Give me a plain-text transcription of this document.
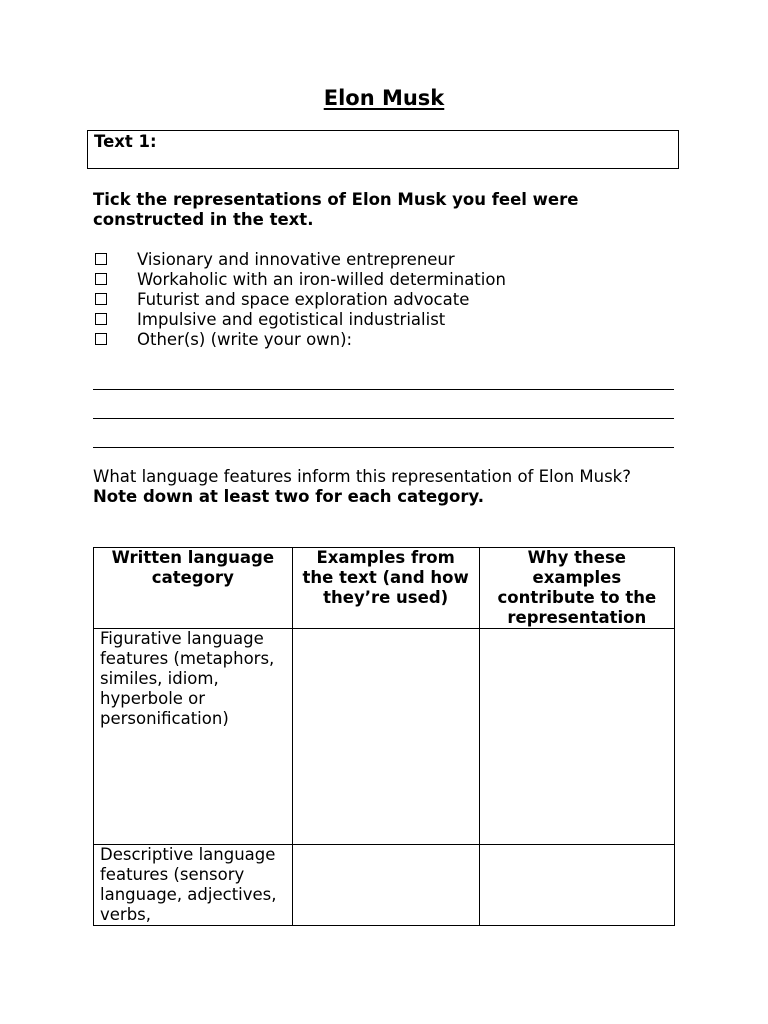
Elon Musk
Text 1:
Tick the representations of Elon Musk you feel were constructed in the text.
Visionary and innovative entrepreneur
Workaholic with an iron-willed determination
Futurist and space exploration advocate
Impulsive and egotistical industrialist
Other(s) (write your own):
What language features inform this representation of Elon Musk? Note down at least two for each category.
Written language category	Examples from the text (and how they’re used)	Why these examples contribute to the representation
Figurative language features (metaphors, similes, idiom, hyperbole or personification)		
Descriptive language features (sensory language, adjectives, verbs,		
